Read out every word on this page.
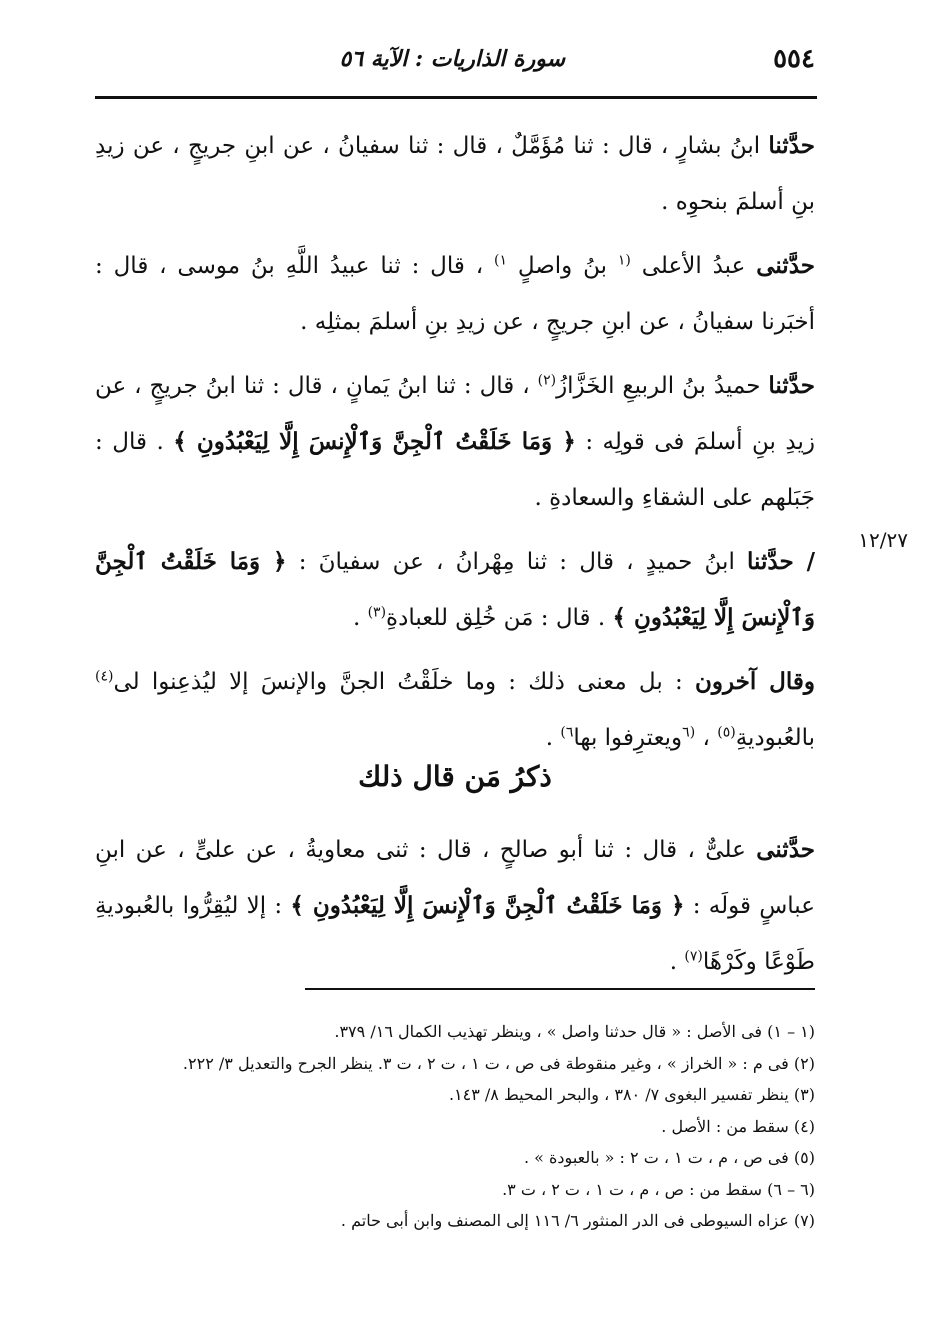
٥٥٤
سورة الذاريات : الآية ٥٦
١٢/٢٧

حدَّثنا ابنُ بشارٍ ، قال : ثنا مُؤَمَّلٌ ، قال : ثنا سفيانُ ، عن ابنِ جريجٍ ، عن زيدِ بنِ أسلمَ بنحوِه .

حدَّثنى عبدُ الأعلى $^{(١}$ بنُ واصلٍ $^{١)}$ ، قال : ثنا عبيدُ اللَّهِ بنُ موسى ، قال : أخبَرنا سفيانُ ، عن ابنِ جريجٍ ، عن زيدِ بنِ أسلمَ بمثلِه .

حدَّثنا حميدُ بنُ الربيعِ الخَزَّازُ$^{(٢)}$ ، قال : ثنا ابنُ يَمانٍ ، قال : ثنا ابنُ جريجٍ ، عن زيدِ بنِ أسلمَ فى قولِه : ﴿ وَمَا خَلَقْتُ ٱلْجِنَّ وَٱلْإِنسَ إِلَّا لِيَعْبُدُونِ ﴾ . قال : جَبَلهم على الشقاءِ والسعادةِ .

/ حدَّثنا ابنُ حميدٍ ، قال : ثنا مِهْرانُ ، عن سفيانَ : ﴿ وَمَا خَلَقْتُ ٱلْجِنَّ وَٱلْإِنسَ إِلَّا لِيَعْبُدُونِ ﴾ . قال : مَن خُلِق للعبادةِ$^{(٣)}$ .

وقال آخرون : بل معنى ذلك : وما خلَقْتُ الجنَّ والإنسَ إلا ليُذعِنوا لى$^{(٤)}$ بالعُبوديةِ$^{(٥)}$ ، $^{(٦}$ويعترِفوا بها$^{٦)}$ .

ذكرُ مَن قال ذلك

حدَّثنى علىٌّ ، قال : ثنا أبو صالحٍ ، قال : ثنى معاويةُ ، عن علىٍّ ، عن ابنِ عباسٍ قولَه : ﴿ وَمَا خَلَقْتُ ٱلْجِنَّ وَٱلْإِنسَ إِلَّا لِيَعْبُدُونِ ﴾ : إلا ليُقِرُّوا بالعُبوديةِ طَوْعًا وكَرْهًا$^{(٧)}$ .

(١ – ١) فى الأصل : « قال حدثنا واصل » ، وينظر تهذيب الكمال ١٦/ ٣٧٩.
(٢) فى م : « الخراز » ، وغير منقوطة فى ص ، ت ١ ، ت ٢ ، ت ٣. ينظر الجرح والتعديل ٣/ ٢٢٢.
(٣) ينظر تفسير البغوى ٧/ ٣٨٠ ، والبحر المحيط ٨/ ١٤٣.
(٤) سقط من : الأصل .
(٥) فى ص ، م ، ت ١ ، ت ٢ : « بالعبودة » .
(٦ – ٦) سقط من : ص ، م ، ت ١ ، ت ٢ ، ت ٣.
(٧) عزاه السيوطى فى الدر المنثور ٦/ ١١٦ إلى المصنف وابن أبى حاتم .
